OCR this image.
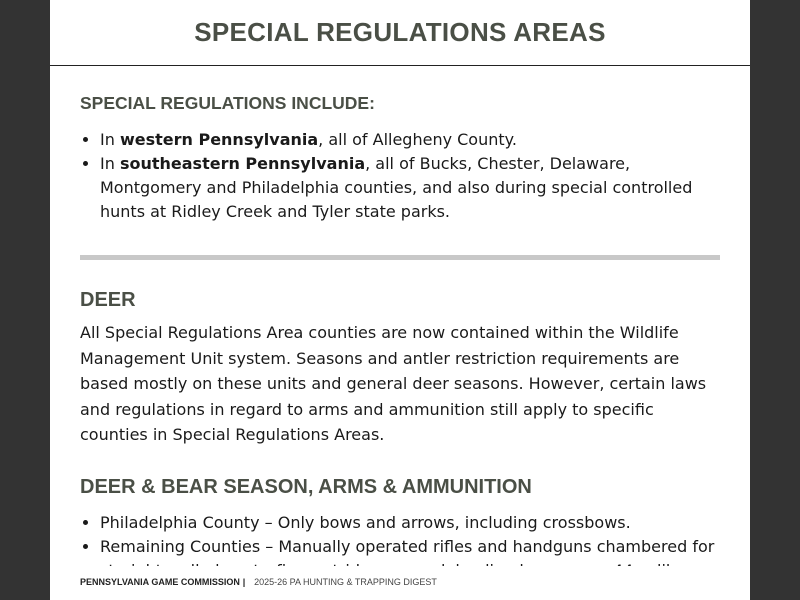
SPECIAL REGULATIONS AREAS
SPECIAL REGULATIONS INCLUDE:
• In western Pennsylvania, all of Allegheny County.
• In southeastern Pennsylvania, all of Bucks, Chester, Delaware, Montgomery and Philadelphia counties, and also during special controlled hunts at Ridley Creek and Tyler state parks.
DEER

All Special Regulations Area counties are now contained within the Wildlife Management Unit system. Seasons and antler restriction requirements are based mostly on these units and general deer seasons. However, certain laws and regulations in regard to arms and ammunition still apply to specific counties in Special Regulations Areas.

DEER & BEAR SEASON, ARMS & AMMUNITION
• Philadelphia County – Only bows and arrows, including crossbows.
• Remaining Counties – Manually operated rifles and handguns chambered for
PENNSYLVANIA GAME COMMISSION | 2025-26 PA HUNTING & TRAPPING DIGEST
